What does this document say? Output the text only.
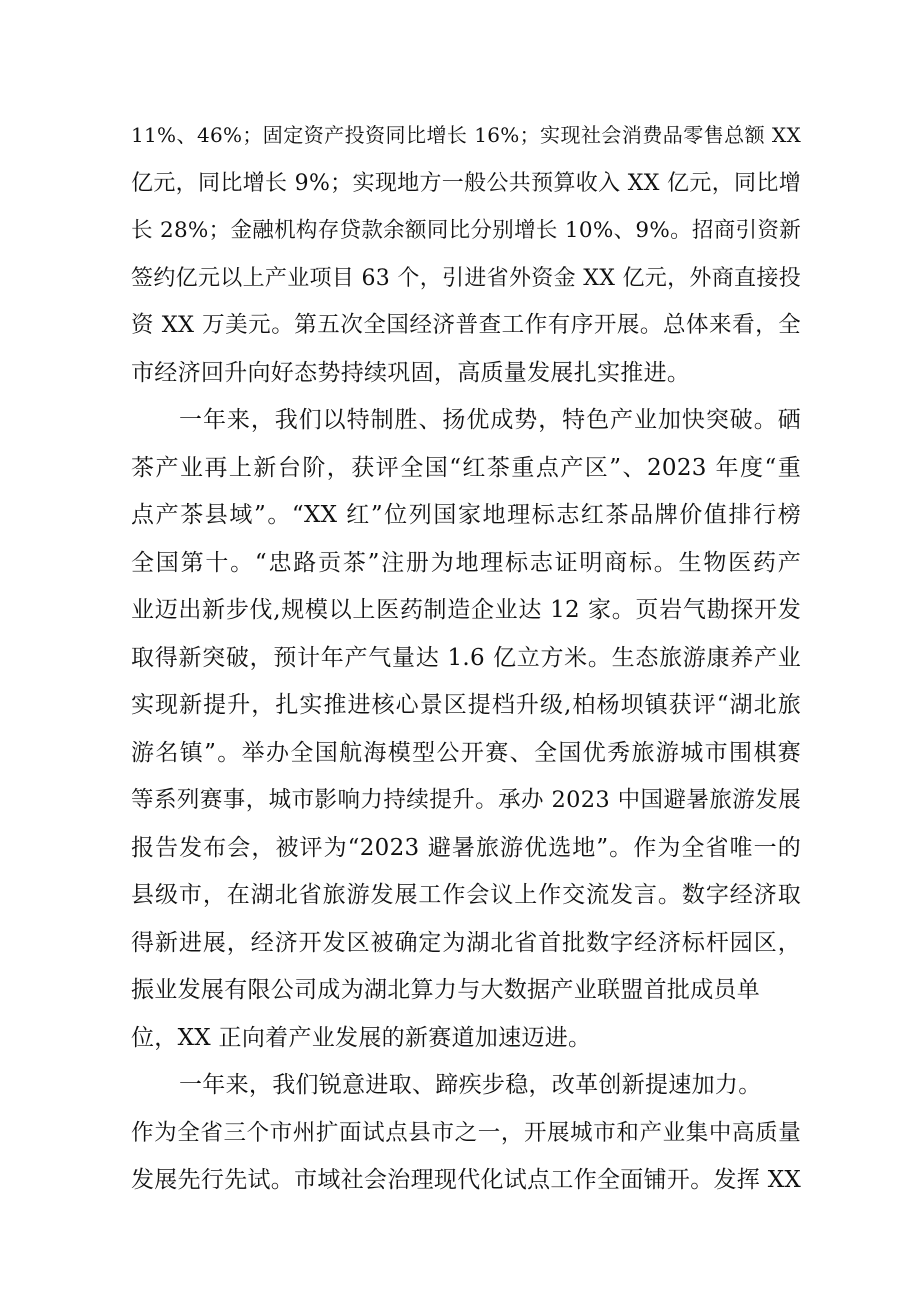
11%、46%；固定资产投资同比增长 16%；实现社会消费品零售总额 XX
亿元，同比增长 9%；实现地方一般公共预算收入 XX 亿元，同比增
长 28%；金融机构存贷款余额同比分别增长 10%、9%。招商引资新
签约亿元以上产业项目 63 个，引进省外资金 XX 亿元，外商直接投
资 XX 万美元。第五次全国经济普查工作有序开展。总体来看，全
市经济回升向好态势持续巩固，高质量发展扎实推进。
一年来，我们以特制胜、扬优成势，特色产业加快突破。硒
茶产业再上新台阶，获评全国“红茶重点产区”、2023 年度“重
点产茶县域”。“XX 红”位列国家地理标志红茶品牌价值排行榜
全国第十。“忠路贡茶”注册为地理标志证明商标。生物医药产
业迈出新步伐,规模以上医药制造企业达 12 家。页岩气勘探开发
取得新突破，预计年产气量达 1.6 亿立方米。生态旅游康养产业
实现新提升，扎实推进核心景区提档升级,柏杨坝镇获评“湖北旅
游名镇”。举办全国航海模型公开赛、全国优秀旅游城市围棋赛
等系列赛事，城市影响力持续提升。承办 2023 中国避暑旅游发展
报告发布会，被评为“2023 避暑旅游优选地”。作为全省唯一的
县级市，在湖北省旅游发展工作会议上作交流发言。数字经济取
得新进展，经济开发区被确定为湖北省首批数字经济标杆园区，
振业发展有限公司成为湖北算力与大数据产业联盟首批成员单
位，XX 正向着产业发展的新赛道加速迈进。
一年来，我们锐意进取、蹄疾步稳，改革创新提速加力。
作为全省三个市州扩面试点县市之一，开展城市和产业集中高质量
发展先行先试。市域社会治理现代化试点工作全面铺开。发挥 XX
